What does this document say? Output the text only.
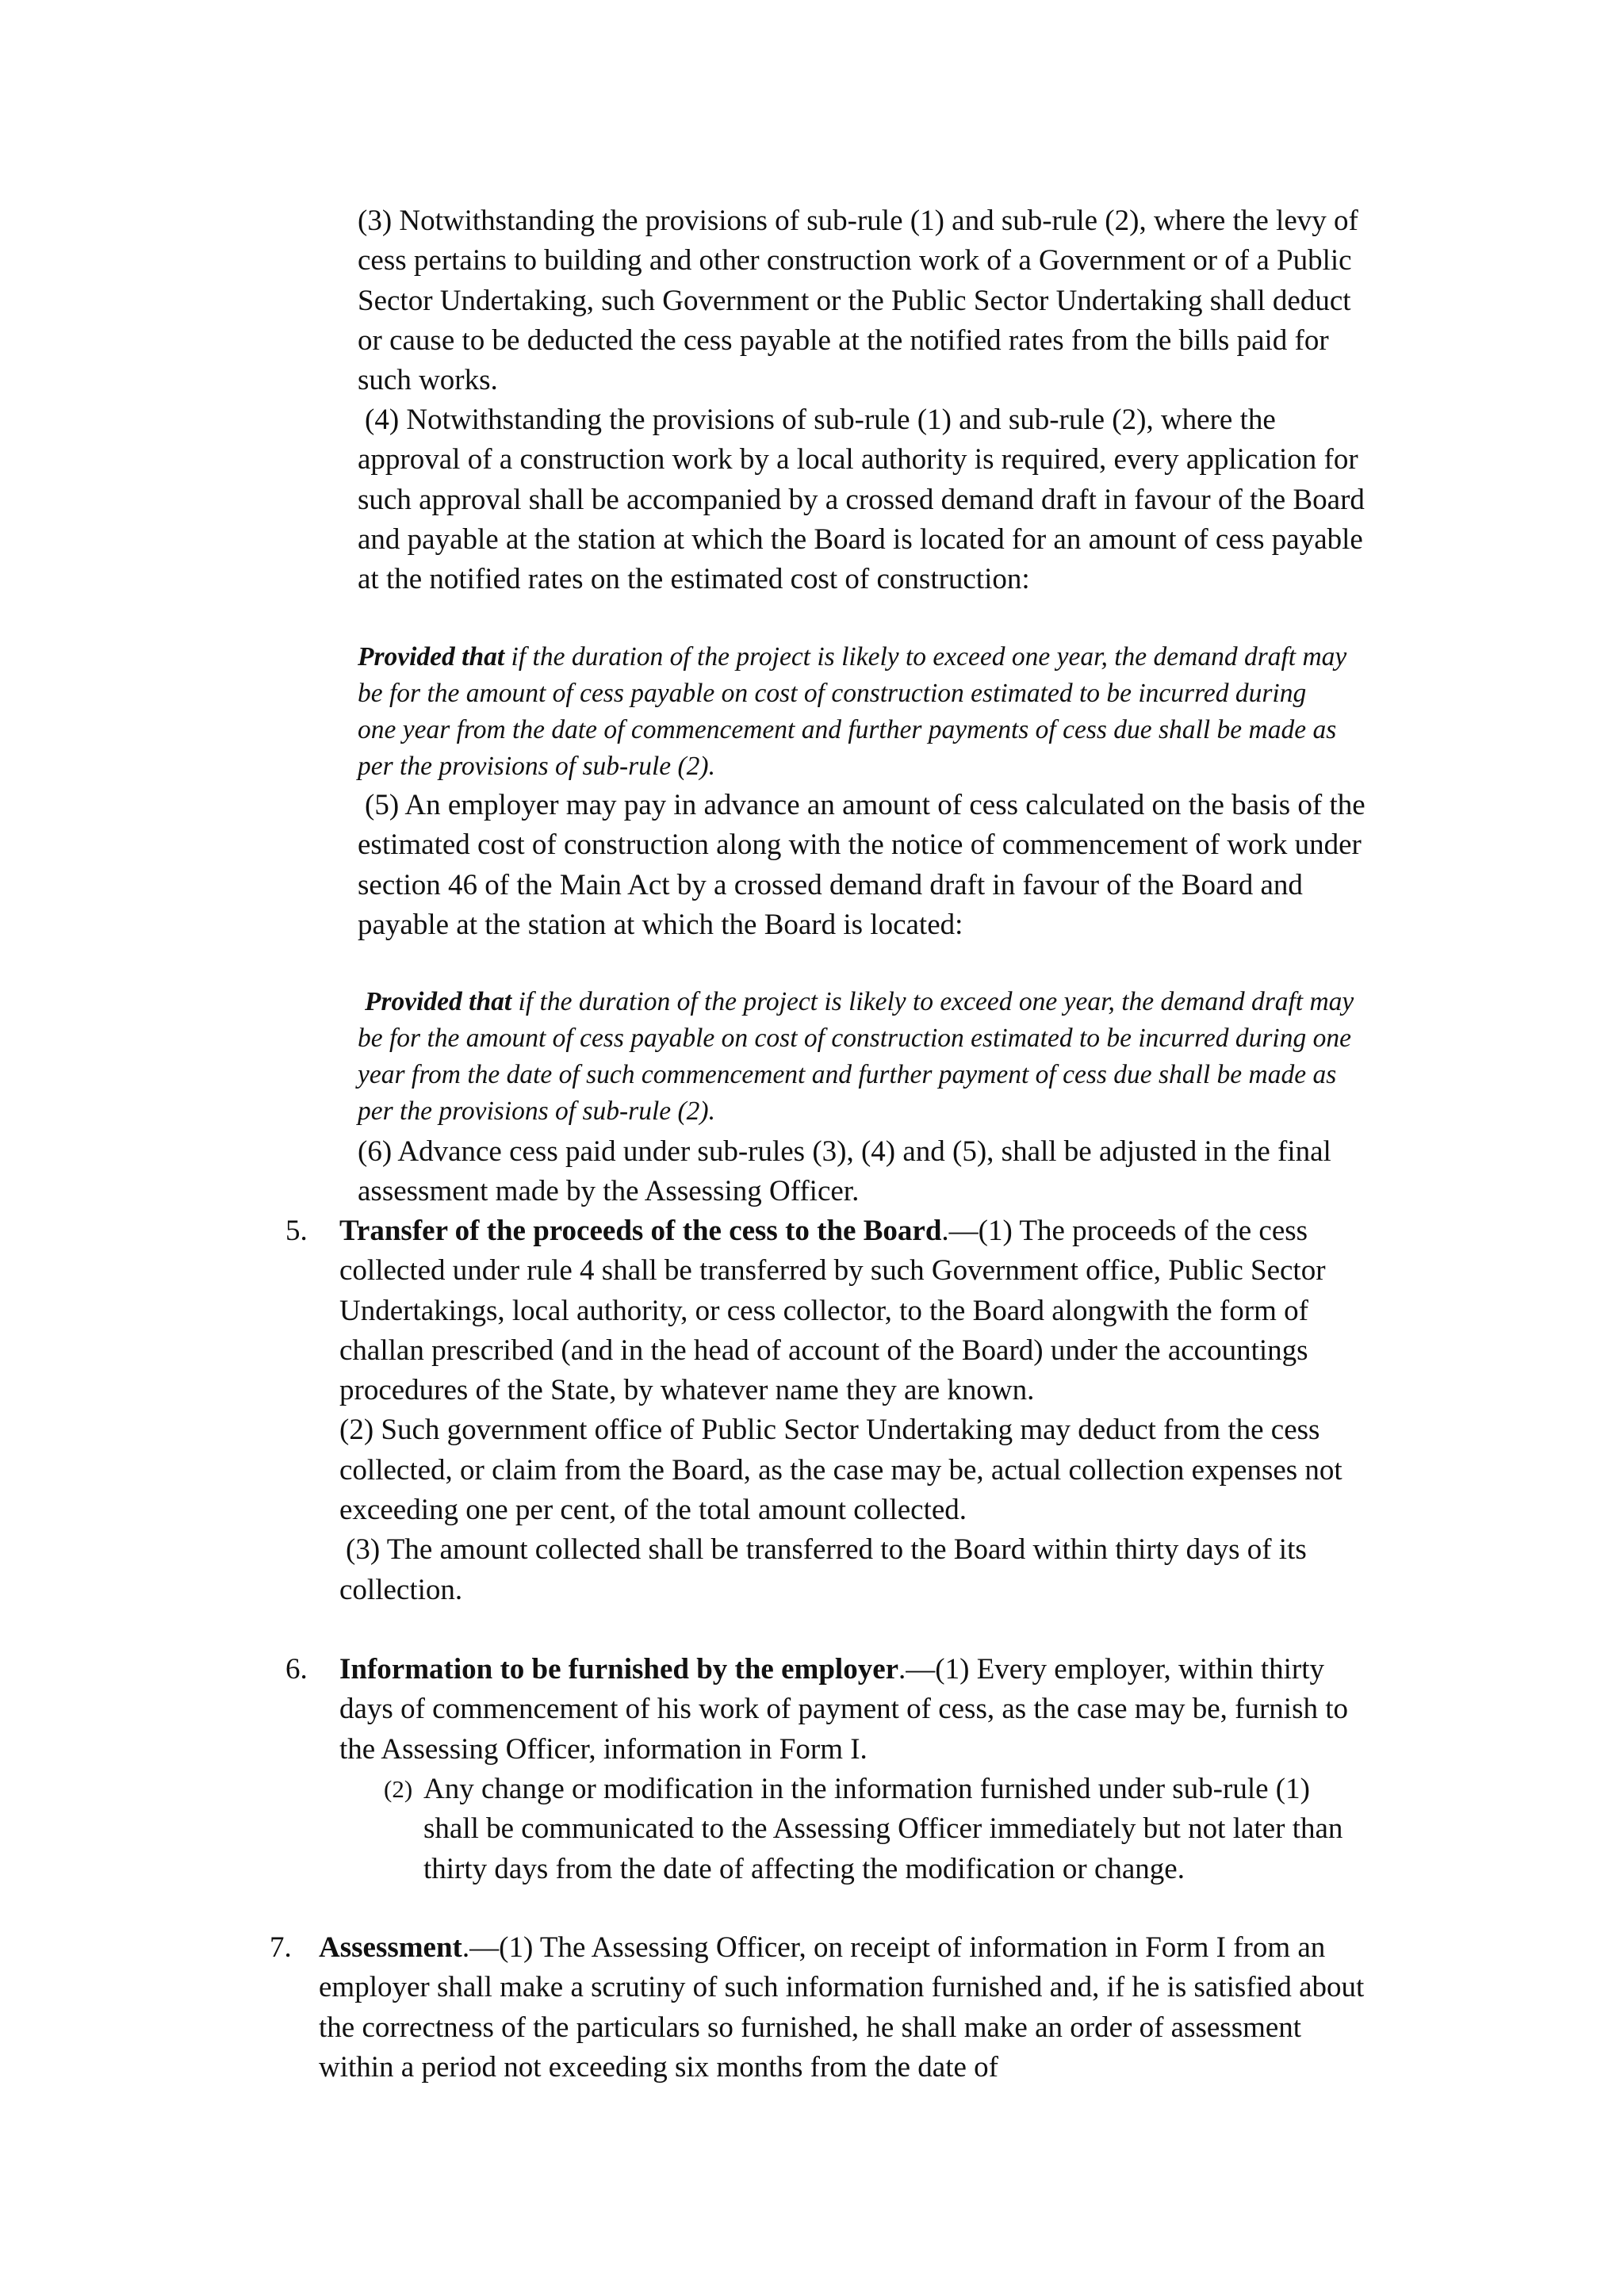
(3) Notwithstanding the provisions of sub-rule (1) and sub-rule (2), where the levy of cess pertains to building and other construction work of a Government or of a Public Sector Undertaking, such Government or the Public Sector Undertaking shall deduct or cause to be deducted the cess payable at the notified rates from the bills paid for such works.

(4) Notwithstanding the provisions of sub-rule (1) and sub-rule (2), where the approval of a construction work by a local authority is required, every application for such approval shall be accompanied by a crossed demand draft in favour of the Board and payable at the station at which the Board is located for an amount of cess payable at the notified rates on the estimated cost of construction:

Provided that if the duration of the project is likely to exceed one year, the demand draft may be for the amount of cess payable on cost of construction estimated to be incurred during one year from the date of commencement and further payments of cess due shall be made as per the provisions of sub-rule (2).

(5) An employer may pay in advance an amount of cess calculated on the basis of the estimated cost of construction along with the notice of commencement of work under section 46 of the Main Act by a crossed demand draft in favour of the Board and payable at the station at which the Board is located:

Provided that if the duration of the project is likely to exceed one year, the demand draft may be for the amount of cess payable on cost of construction estimated to be incurred during one year from the date of such commencement and further payment of cess due shall be made as per the provisions of sub-rule (2).

(6) Advance cess paid under sub-rules (3), (4) and (5), shall be adjusted in the final assessment made by the Assessing Officer.

5. Transfer of the proceeds of the cess to the Board.—(1) The proceeds of the cess collected under rule 4 shall be transferred by such Government office, Public Sector Undertakings, local authority, or cess collector, to the Board alongwith the form of challan prescribed (and in the head of account of the Board) under the accountings procedures of the State, by whatever name they are known.
(2) Such government office of Public Sector Undertaking may deduct from the cess collected, or claim from the Board, as the case may be, actual collection expenses not exceeding one per cent, of the total amount collected.
(3) The amount collected shall be transferred to the Board within thirty days of its collection.
6. Information to be furnished by the employer.—(1) Every employer, within thirty days of commencement of his work of payment of cess, as the case may be, furnish to the Assessing Officer, information in Form I.
(2) Any change or modification in the information furnished under sub-rule (1) shall be communicated to the Assessing Officer immediately but not later than thirty days from the date of affecting the modification or change.
7. Assessment.—(1) The Assessing Officer, on receipt of information in Form I from an employer shall make a scrutiny of such information furnished and, if he is satisfied about the correctness of the particulars so furnished, he shall make an order of assessment within a period not exceeding six months from the date of
